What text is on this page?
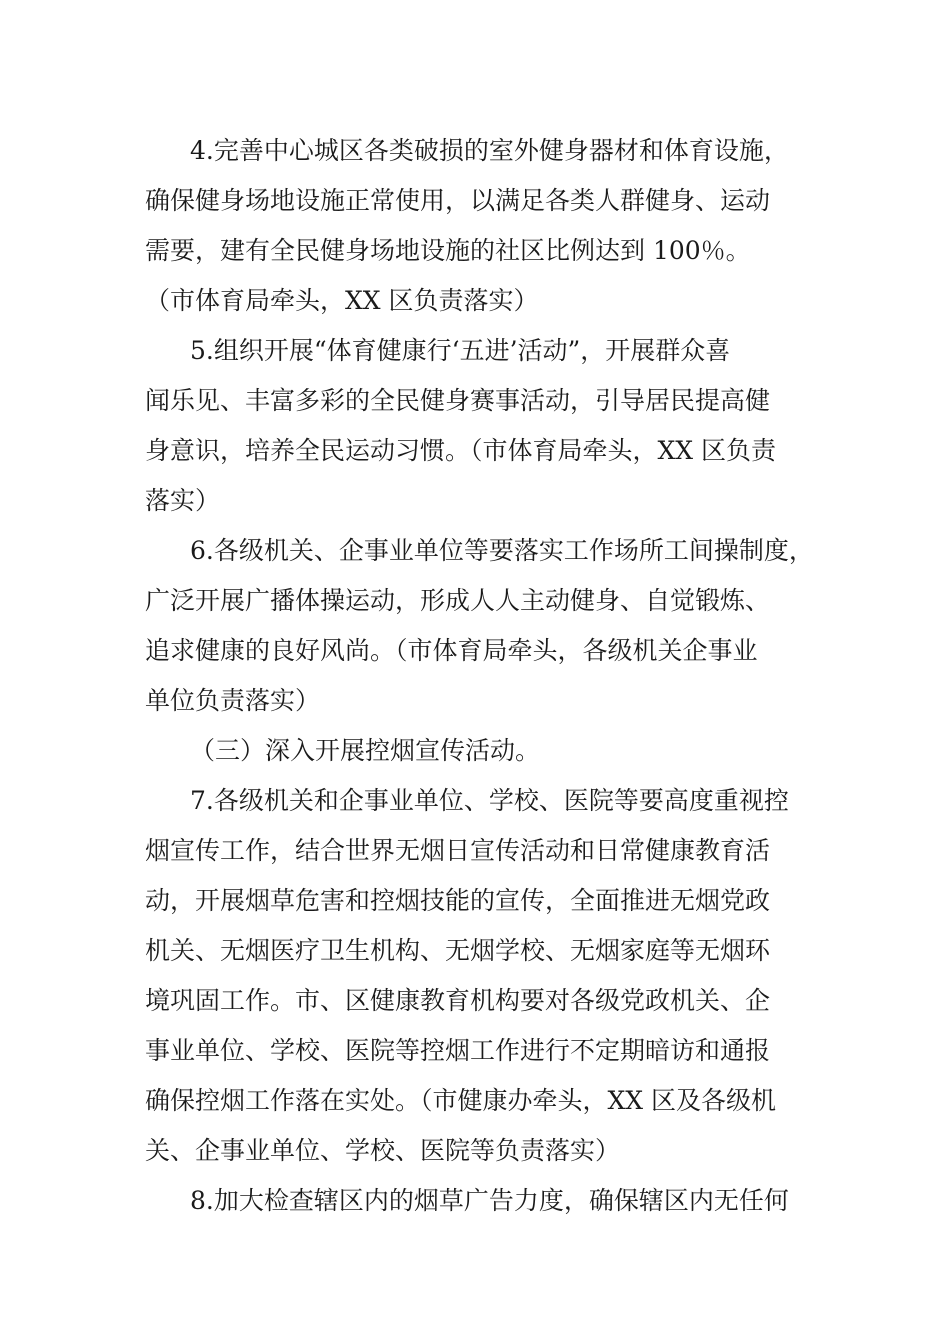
4.完善中心城区各类破损的室外健身器材和体育设施，
确保健身场地设施正常使用，以满足各类人群健身、运动
需要，建有全民健身场地设施的社区比例达到 100％。
（市体育局牵头，XX 区负责落实）
5.组织开展“体育健康行‘五进’活动”，开展群众喜
闻乐见、丰富多彩的全民健身赛事活动，引导居民提高健
身意识，培养全民运动习惯。（市体育局牵头，XX 区负责
落实）
6.各级机关、企事业单位等要落实工作场所工间操制度，
广泛开展广播体操运动，形成人人主动健身、自觉锻炼、
追求健康的良好风尚。（市体育局牵头，各级机关企事业
单位负责落实）
（三）深入开展控烟宣传活动。
7.各级机关和企事业单位、学校、医院等要高度重视控
烟宣传工作，结合世界无烟日宣传活动和日常健康教育活
动，开展烟草危害和控烟技能的宣传，全面推进无烟党政
机关、无烟医疗卫生机构、无烟学校、无烟家庭等无烟环
境巩固工作。市、区健康教育机构要对各级党政机关、企
事业单位、学校、医院等控烟工作进行不定期暗访和通报
确保控烟工作落在实处。（市健康办牵头，XX 区及各级机
关、企事业单位、学校、医院等负责落实）
8.加大检查辖区内的烟草广告力度，确保辖区内无任何
